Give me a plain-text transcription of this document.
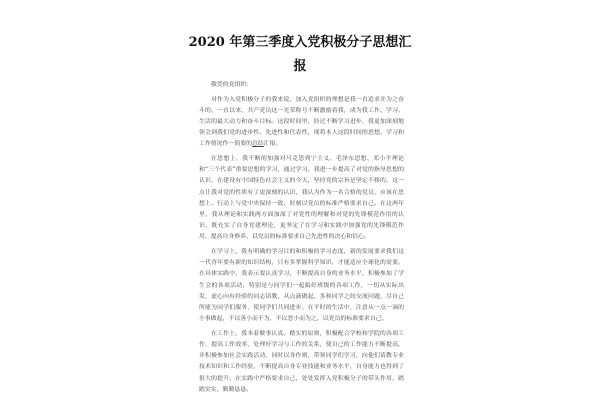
2020 年第三季度入党积极分子思想汇
报

敬爱的党组织：

对作为入党积极分子的我来说，加入党组织的理想是我一直追求并为之奋斗的。一直以来，共产党员这一光荣称号不断激励着我，成为我工作、学习、生活的最大动力和奋斗目标。这段时间里，经过不断学习进步，我更加深刻地领会到我们党的进步性、先进性和代表性，现将本人这段时间的思想、学习和工作情况作一简要的总结汇报。

在思想上，我不断的加强对马克思列宁主义、毛泽东思想、邓小平理论和“三个代表”重要思想的学习，通过学习，我进一步提高了对党的指导思想的认识，在建设有中国特色社会主义的今天，坚持党的宗旨是坚定不移的。这一点让我对党的性质有了更深刻的认识，我认为作为一名合格的党员，应该在思想上、行动上与党中央保持一致，时刻以党员的标准严格要求自己。在这两年里，我从理论和实践两方面加深了对党性的理解和对党的先锋模范作用的认识，既充实了自身党建理论，更坚定了在学习和实践中加强党的先锋模范作用，提高自身修养、以党员的标准要求自己先进性的决心和信心。

在学习上，我有明确的学习目的和积极的学习态度，新的发展要求我们这一代青年要有新的知识结构，只有多掌握科学知识，才能适应全球化的需要。在具体实践中，我表示要认真学习，不断提高自身的业务水平，积极参加了学生会的各项活动，特别是与同学们一起搞好班级的各项工作，一切从实际出发，虚心向有经验的同志请教，从点滴做起，多和同学之间交流问题，尽自己所能为同学们服务，使同学们共同进步。在平时的生活中，注意从一点一滴的小事做起，不以善小而不为，不以恶小而为之，以党员的标准要求自己。

在工作上，我本着做事认真、踏实的原则，积极配合学校和学院的各项工作，提高工作效率，处理好学习与工作的关系，使自己的工作能力不断提高，并积极参加社会实践活动，同时以身作则，带领同学们学习，向他们请教专业技术知识和工作经验，不断提高自身专业技能和业务水平，自身能力也得到了很大的提升。在实践中严格要求自己，处处发挥入党积极分子的带头作用，踏踏实实，勤勤恳恳。
